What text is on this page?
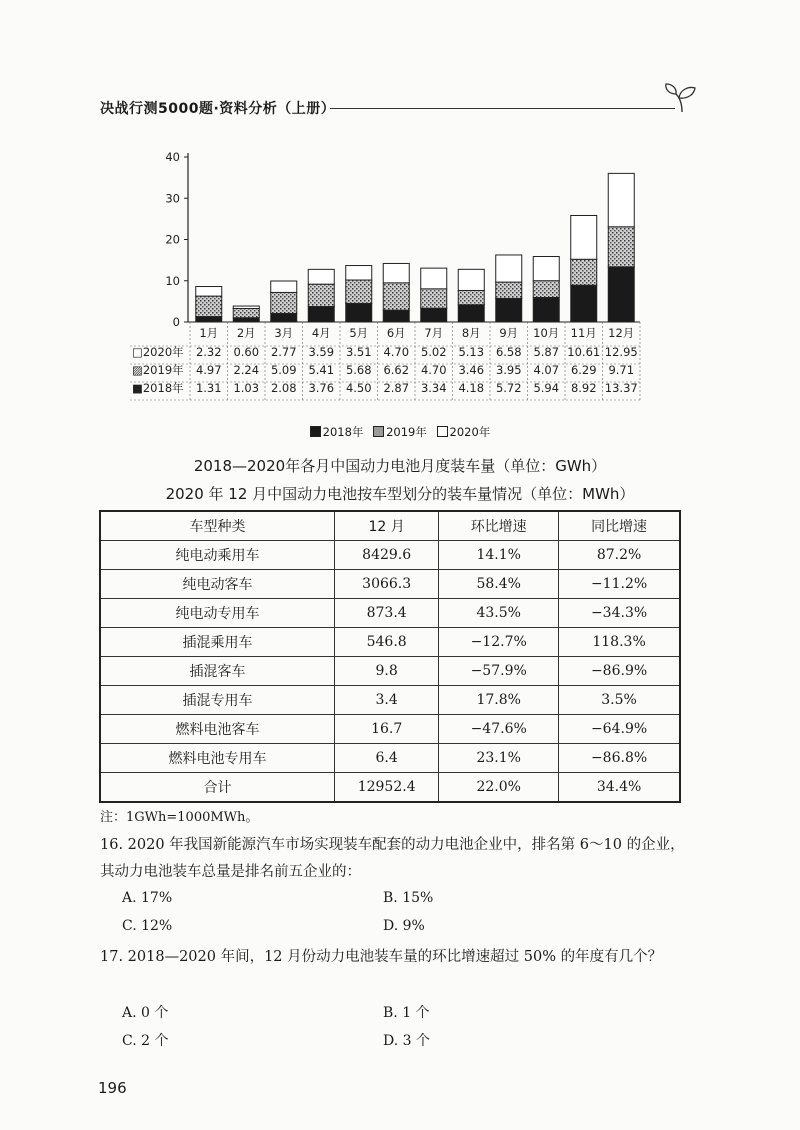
决战行测5000题·资料分析（上册）
0
10
20
30
40
1月 2月 3月 4月 5月 6月 7月 8月 9月 10月 11月 12月
□2020年 2.32 0.60 2.77 3.59 3.51 4.70 5.02 5.13 6.58 5.87 10.61 12.95
▨2019年 4.97 2.24 5.09 5.41 5.68 6.62 4.70 3.46 3.95 4.07 6.29 9.71
■2018年 1.31 1.03 2.08 3.76 4.50 2.87 3.34 4.18 5.72 5.94 8.92 13.37
2018年 2019年 2020年
2018—2020年各月中国动力电池月度装车量（单位：GWh）
2020 年 12 月中国动力电池按车型划分的装车量情况（单位：MWh）
车型种类	12 月	环比增速	同比增速
纯电动乘用车	8429.6	14.1%	87.2%
纯电动客车	3066.3	58.4%	−11.2%
纯电动专用车	873.4	43.5%	−34.3%
插混乘用车	546.8	−12.7%	118.3%
插混客车	9.8	−57.9%	−86.9%
插混专用车	3.4	17.8%	3.5%
燃料电池客车	16.7	−47.6%	−64.9%
燃料电池专用车	6.4	23.1%	−86.8%
合计	12952.4	22.0%	34.4%
注：1GWh=1000MWh。
16. 2020 年我国新能源汽车市场实现装车配套的动力电池企业中，排名第 6～10 的企业，其动力电池装车总量是排名前五企业的：
A. 17%	B. 15%
C. 12%	D. 9%
17. 2018—2020 年间，12 月份动力电池装车量的环比增速超过 50% 的年度有几个？
A. 0 个	B. 1 个
C. 2 个	D. 3 个
196
